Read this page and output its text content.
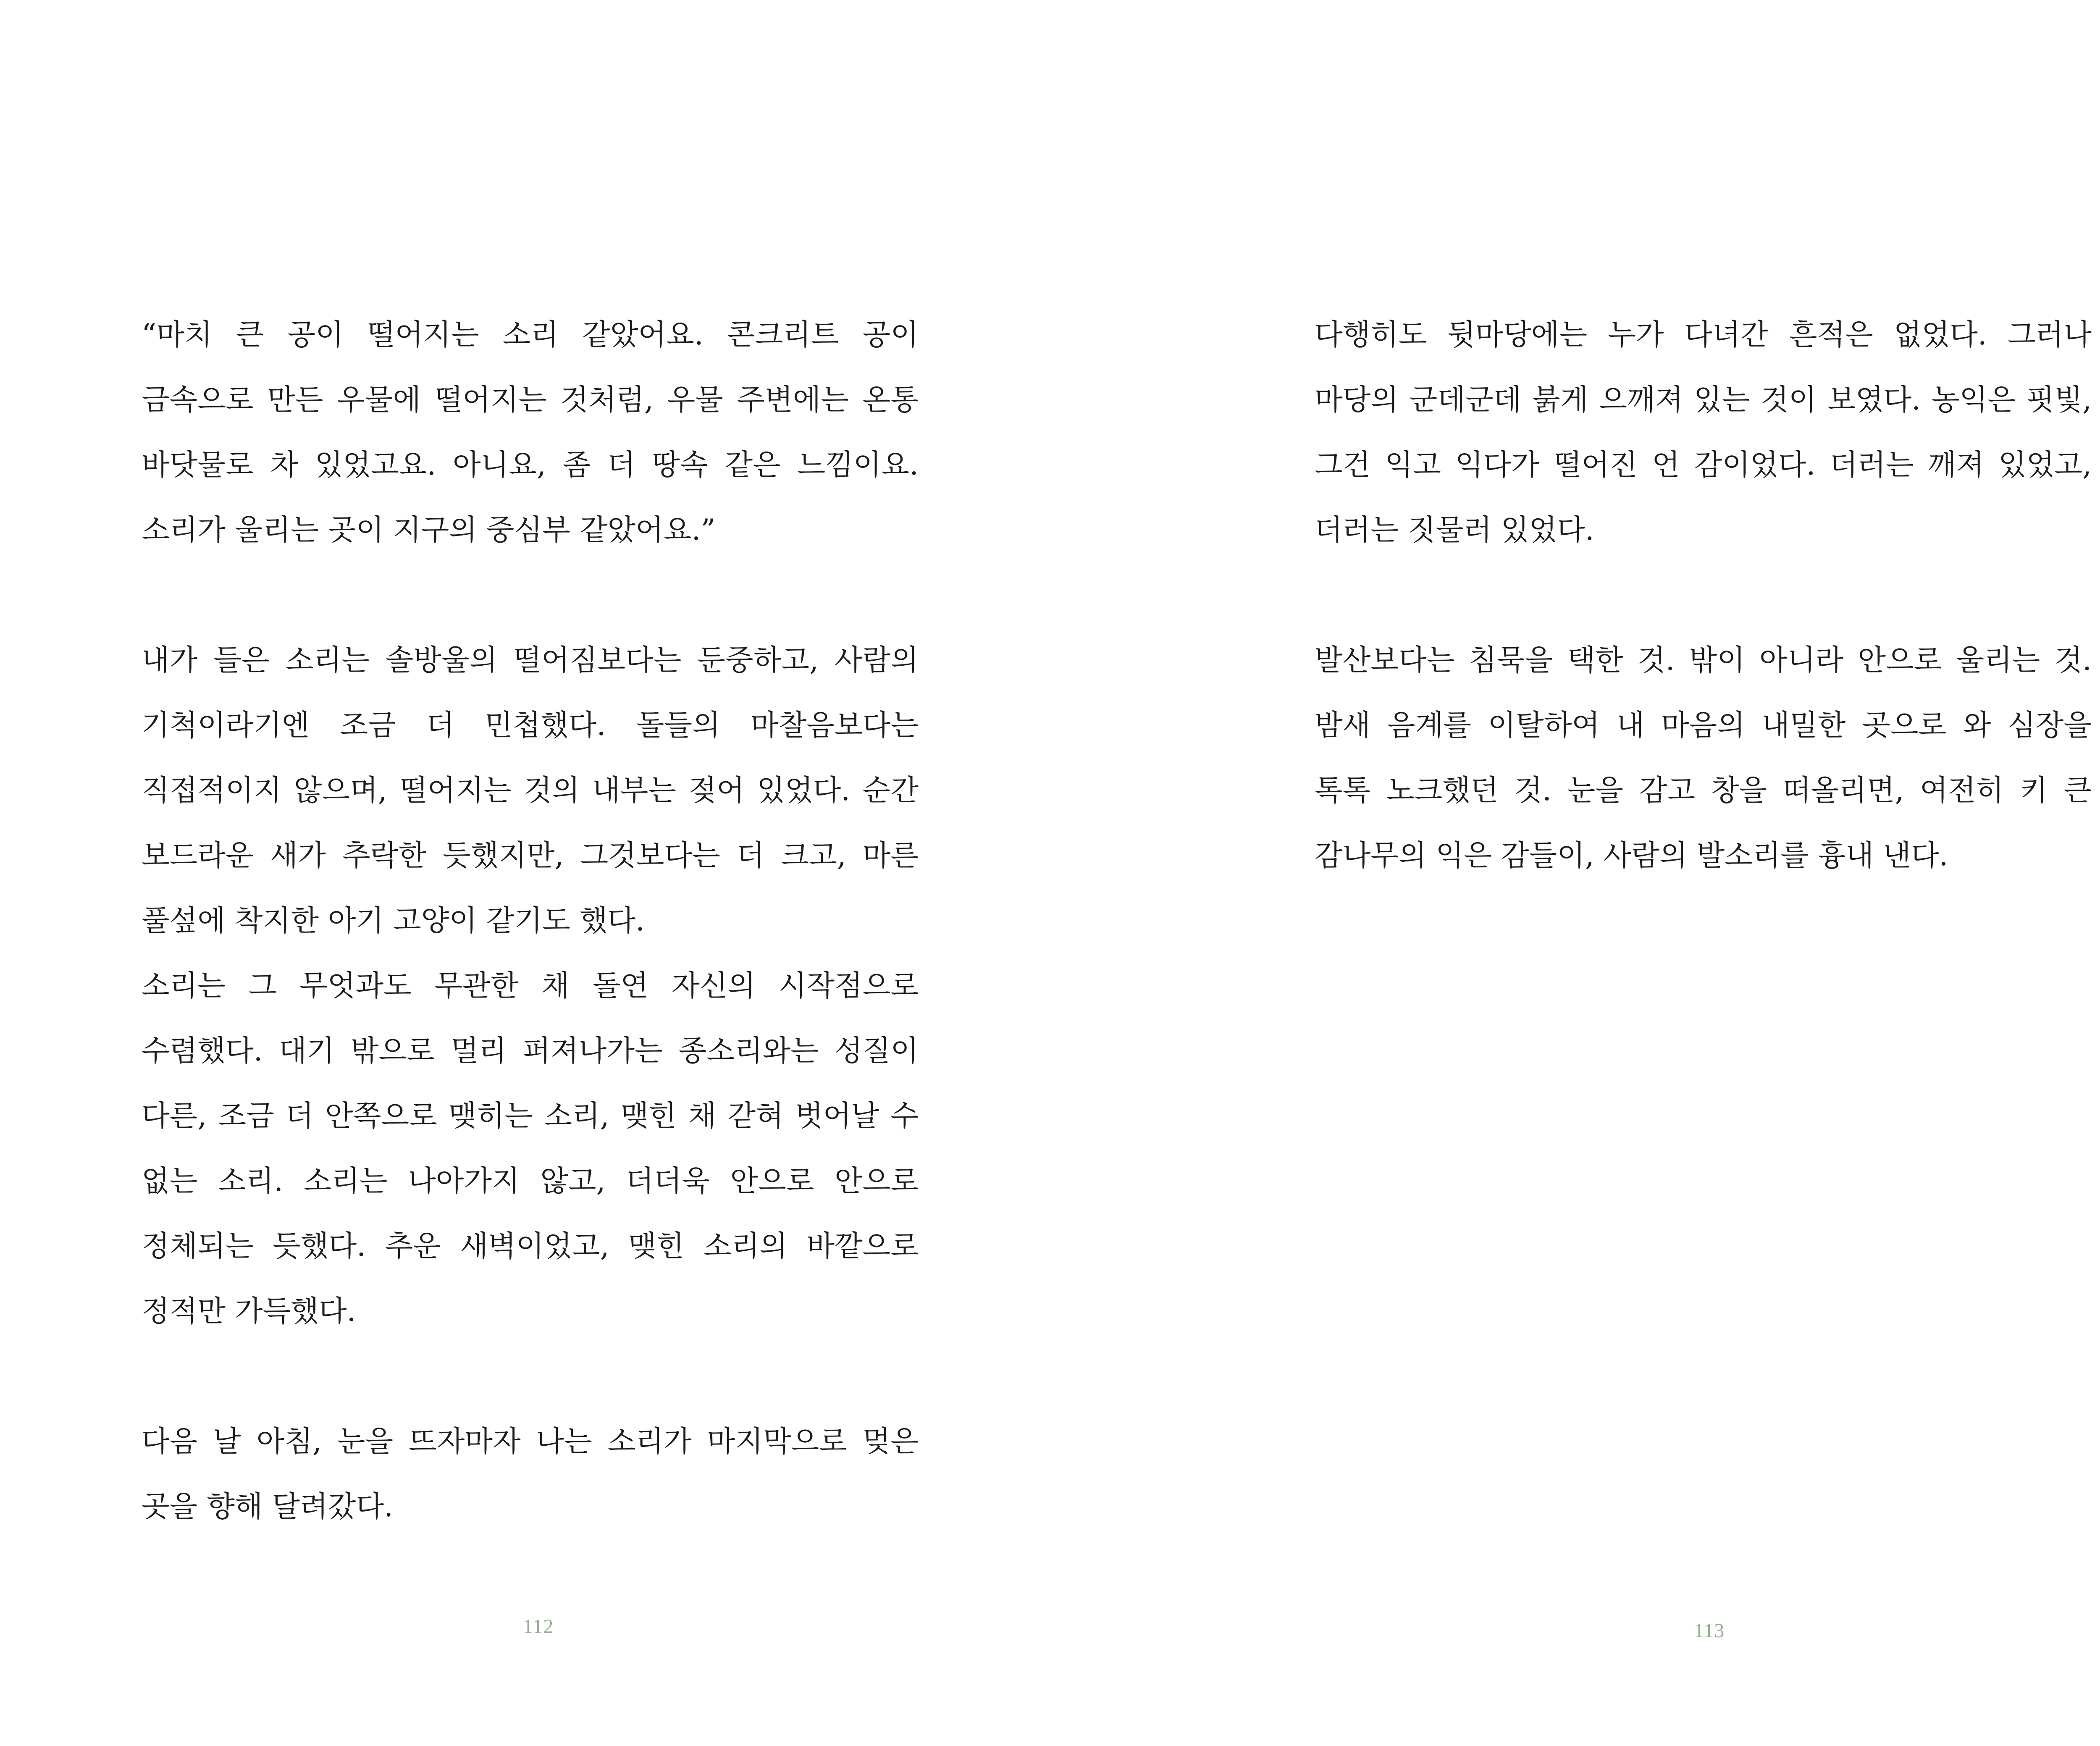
“마치 큰 공이 떨어지는 소리 같았어요. 콘크리트 공이 금속으로 만든 우물에 떨어지는 것처럼, 우물 주변에는 온통 바닷물로 차 있었고요. 아니요, 좀 더 땅속 같은 느낌이요. 소리가 울리는 곳이 지구의 중심부 같았어요.”

내가 들은 소리는 솔방울의 떨어짐보다는 둔중하고, 사람의 기척이라기엔 조금 더 민첩했다. 돌들의 마찰음보다는 직접적이지 않으며, 떨어지는 것의 내부는 젖어 있었다. 순간 보드라운 새가 추락한 듯했지만, 그것보다는 더 크고, 마른 풀섶에 착지한 아기 고양이 같기도 했다.

소리는 그 무엇과도 무관한 채 돌연 자신의 시작점으로 수렴했다. 대기 밖으로 멀리 퍼져나가는 종소리와는 성질이 다른, 조금 더 안쪽으로 맺히는 소리, 맺힌 채 갇혀 벗어날 수 없는 소리. 소리는 나아가지 않고, 더더욱 안으로 안으로 정체되는 듯했다. 추운 새벽이었고, 맺힌 소리의 바깥으로 정적만 가득했다.

다음 날 아침, 눈을 뜨자마자 나는 소리가 마지막으로 멎은 곳을 향해 달려갔다.

112

다행히도 뒷마당에는 누가 다녀간 흔적은 없었다. 그러나 마당의 군데군데 붉게 으깨져 있는 것이 보였다. 농익은 핏빛, 그건 익고 익다가 떨어진 언 감이었다. 더러는 깨져 있었고, 더러는 짓물러 있었다.

발산보다는 침묵을 택한 것. 밖이 아니라 안으로 울리는 것. 밤새 음계를 이탈하여 내 마음의 내밀한 곳으로 와 심장을 톡톡 노크했던 것. 눈을 감고 창을 떠올리면, 여전히 키 큰 감나무의 익은 감들이, 사람의 발소리를 흉내 낸다.

113
